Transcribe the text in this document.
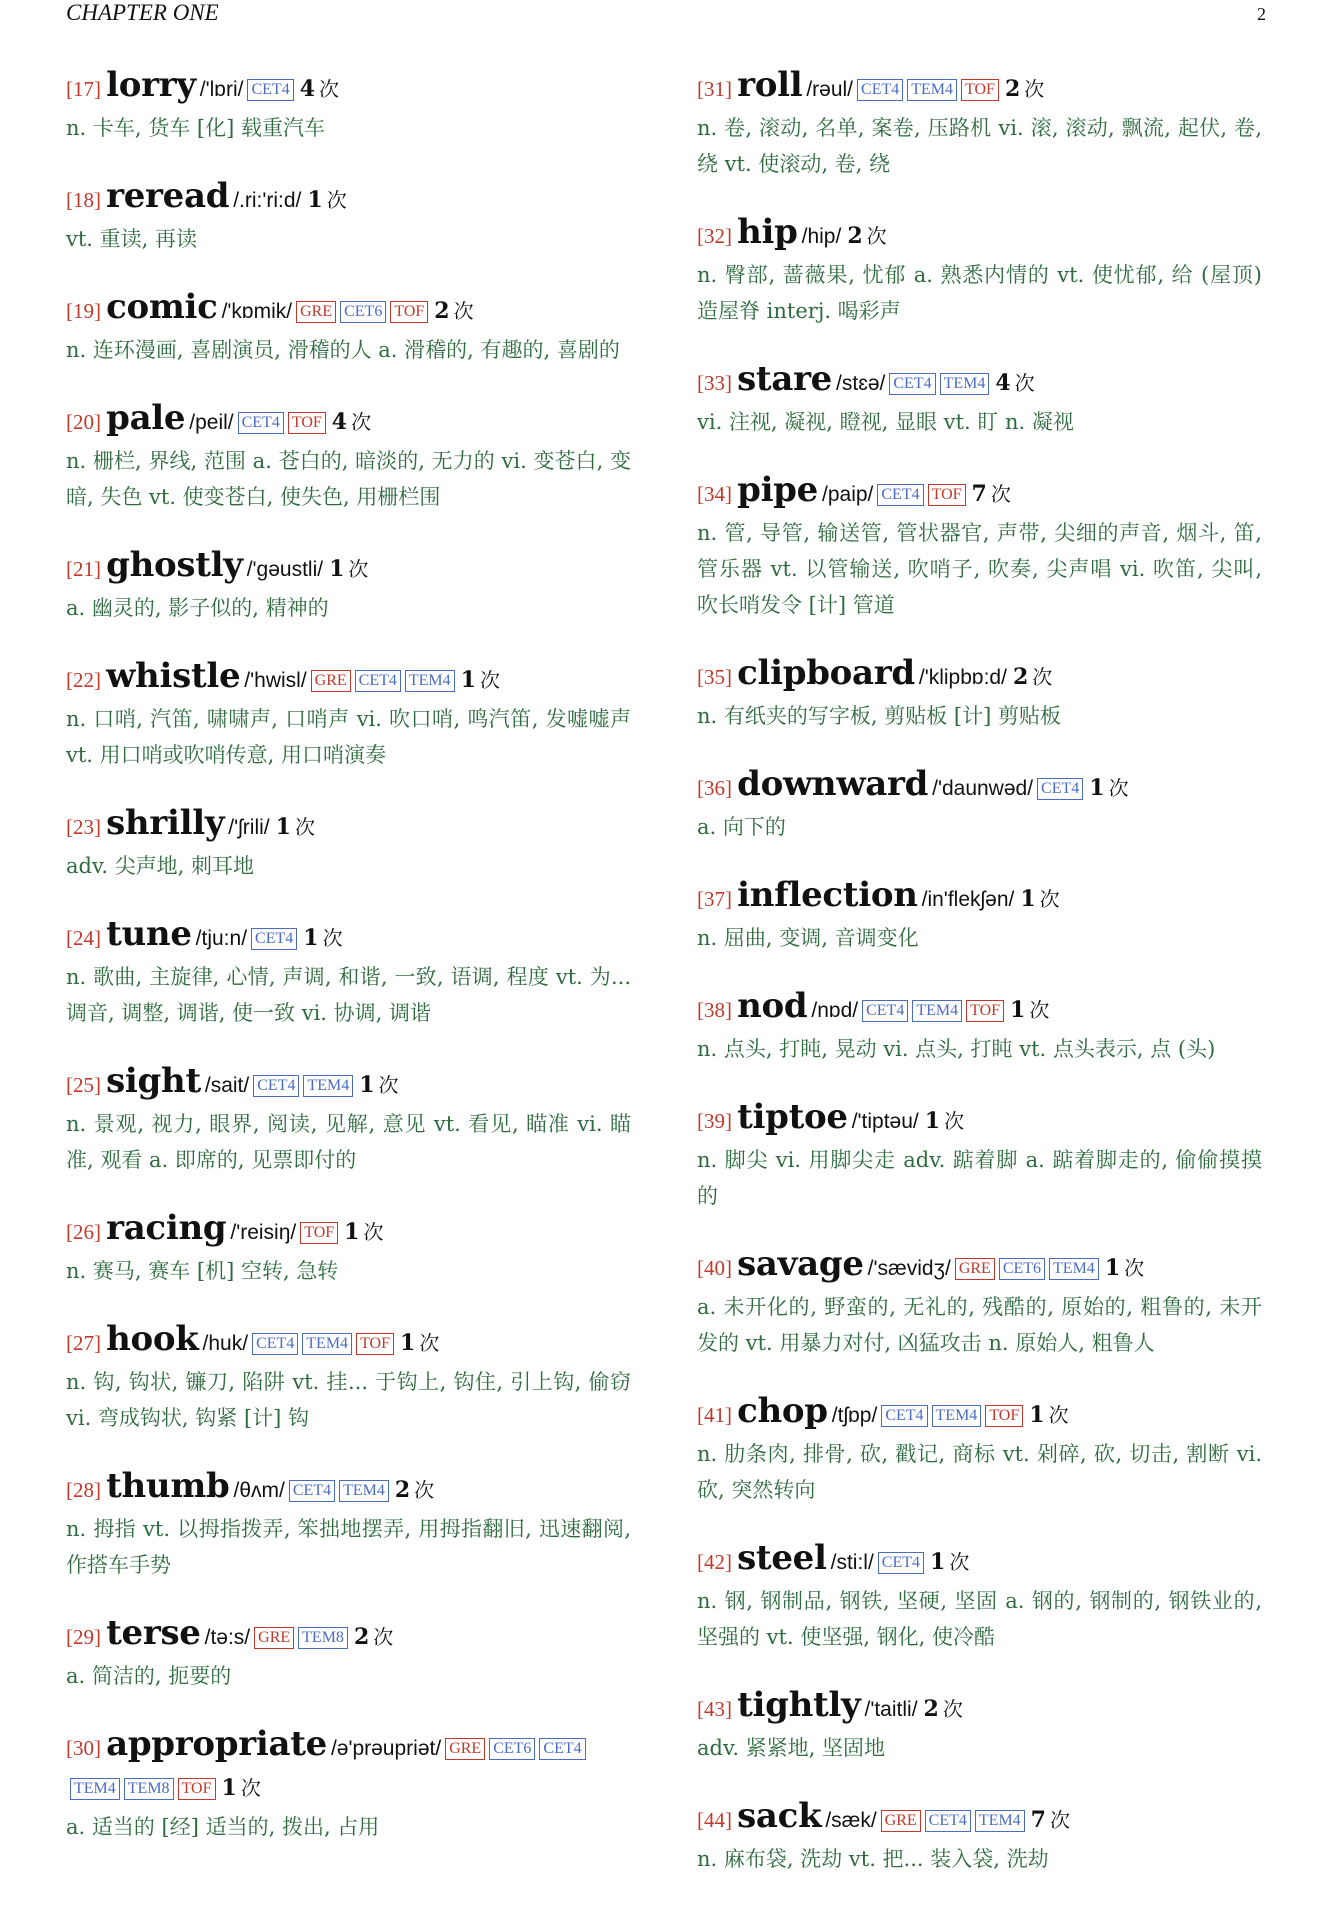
CHAPTER ONE	2
[17] lorry /'lɒri/ CET4 4 次
n. 卡车, 货车 [化] 载重汽车
[18] reread /.ri:'ri:d/ 1 次
vt. 重读, 再读
[19] comic /'kɒmik/ GRE CET6 TOF 2 次
n. 连环漫画, 喜剧演员, 滑稽的人 a. 滑稽的, 有趣的, 喜剧的
[20] pale /peil/ CET4 TOF 4 次
n. 栅栏, 界线, 范围 a. 苍白的, 暗淡的, 无力的 vi. 变苍白, 变暗, 失色 vt. 使变苍白, 使失色, 用栅栏围
[21] ghostly /'gəustli/ 1 次
a. 幽灵的, 影子似的, 精神的
[22] whistle /'hwisl/ GRE CET4 TEM4 1 次
n. 口哨, 汽笛, 啸啸声, 口哨声 vi. 吹口哨, 鸣汽笛, 发嘘嘘声 vt. 用口哨或吹哨传意, 用口哨演奏
[23] shrilly /'ʃrili/ 1 次
adv. 尖声地, 刺耳地
[24] tune /tju:n/ CET4 1 次
n. 歌曲, 主旋律, 心情, 声调, 和谐, 一致, 语调, 程度 vt. 为... 调音, 调整, 调谐, 使一致 vi. 协调, 调谐
[25] sight /sait/ CET4 TEM4 1 次
n. 景观, 视力, 眼界, 阅读, 见解, 意见 vt. 看见, 瞄准 vi. 瞄准, 观看 a. 即席的, 见票即付的
[26] racing /'reisiŋ/ TOF 1 次
n. 赛马, 赛车 [机] 空转, 急转
[27] hook /huk/ CET4 TEM4 TOF 1 次
n. 钩, 钩状, 镰刀, 陷阱 vt. 挂... 于钩上, 钩住, 引上钩, 偷窃 vi. 弯成钩状, 钩紧 [计] 钩
[28] thumb /θʌm/ CET4 TEM4 2 次
n. 拇指 vt. 以拇指拨弄, 笨拙地摆弄, 用拇指翻旧, 迅速翻阅, 作搭车手势
[29] terse /tə:s/ GRE TEM8 2 次
a. 简洁的, 扼要的
[30] appropriate /ə'prəupriət/ GRE CET6 CET4TEM4 TEM8 TOF 1 次
a. 适当的 [经] 适当的, 拨出, 占用
[31] roll /rəul/ CET4 TEM4 TOF 2 次
n. 卷, 滚动, 名单, 案卷, 压路机 vi. 滚, 滚动, 飘流, 起伏, 卷, 绕 vt. 使滚动, 卷, 绕
[32] hip /hip/ 2 次
n. 臀部, 蔷薇果, 忧郁 a. 熟悉内情的 vt. 使忧郁, 给 (屋顶) 造屋脊 interj. 喝彩声
[33] stare /stɛə/ CET4 TEM4 4 次
vi. 注视, 凝视, 瞪视, 显眼 vt. 盯 n. 凝视
[34] pipe /paip/ CET4 TOF 7 次
n. 管, 导管, 输送管, 管状器官, 声带, 尖细的声音, 烟斗, 笛, 管乐器 vt. 以管输送, 吹哨子, 吹奏, 尖声唱 vi. 吹笛, 尖叫, 吹长哨发令 [计] 管道
[35] clipboard /'klipbɒ:d/ 2 次
n. 有纸夹的写字板, 剪贴板 [计] 剪贴板
[36] downward /'daunwəd/ CET4 1 次
a. 向下的
[37] inflection /in'flekʃən/ 1 次
n. 屈曲, 变调, 音调变化
[38] nod /nɒd/ CET4 TEM4 TOF 1 次
n. 点头, 打盹, 晃动 vi. 点头, 打盹 vt. 点头表示, 点 (头)
[39] tiptoe /'tiptəu/ 1 次
n. 脚尖 vi. 用脚尖走 adv. 踮着脚 a. 踮着脚走的, 偷偷摸摸的
[40] savage /'sævidʒ/ GRE CET6 TEM4 1 次
a. 未开化的, 野蛮的, 无礼的, 残酷的, 原始的, 粗鲁的, 未开发的 vt. 用暴力对付, 凶猛攻击 n. 原始人, 粗鲁人
[41] chop /tʃɒp/ CET4 TEM4 TOF 1 次
n. 肋条肉, 排骨, 砍, 戳记, 商标 vt. 剁碎, 砍, 切击, 割断 vi. 砍, 突然转向
[42] steel /sti:l/ CET4 1 次
n. 钢, 钢制品, 钢铁, 坚硬, 坚固 a. 钢的, 钢制的, 钢铁业的, 坚强的 vt. 使坚强, 钢化, 使冷酷
[43] tightly /'taitli/ 2 次
adv. 紧紧地, 坚固地
[44] sack /sæk/ GRE CET4 TEM4 7 次
n. 麻布袋, 洗劫 vt. 把... 装入袋, 洗劫
